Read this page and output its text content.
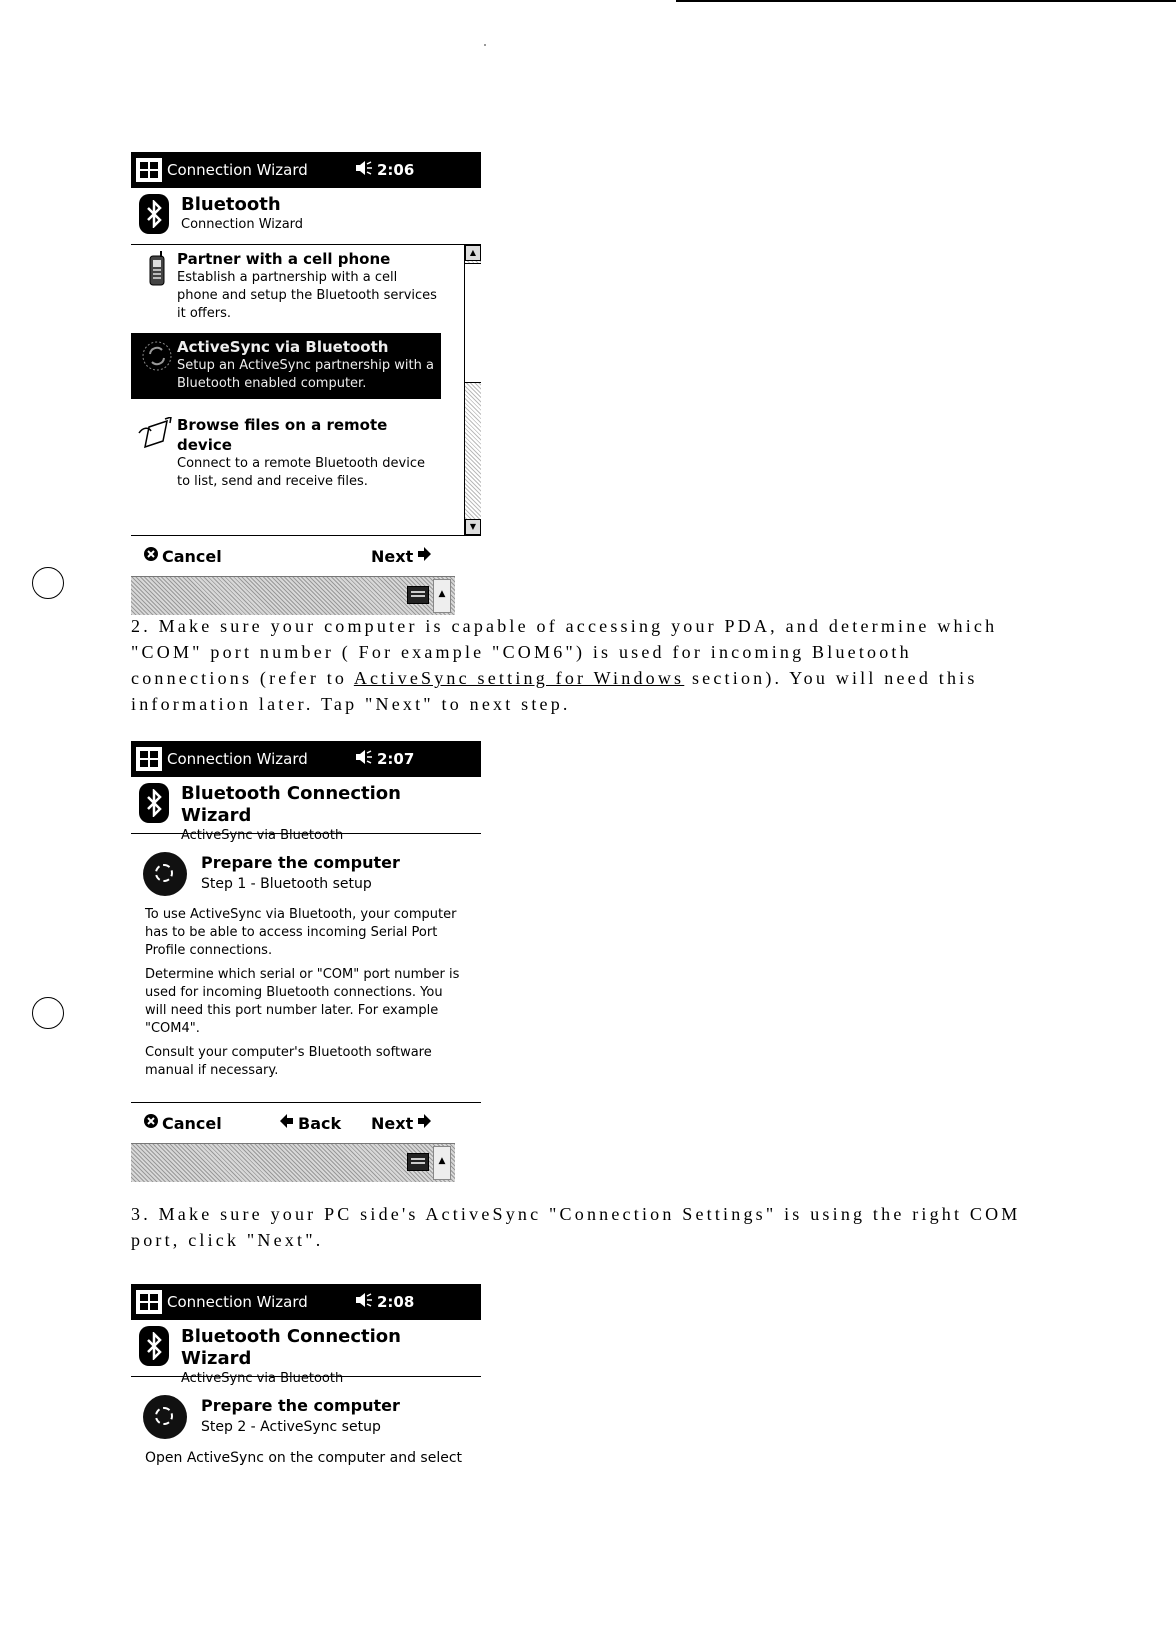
Connection Wizard	2:06
Bluetooth
Connection Wizard
Partner with a cell phone
Establish a partnership with a cell phone and setup the Bluetooth services it offers.
ActiveSync via Bluetooth
Setup an ActiveSync partnership with a Bluetooth enabled computer.
Browse files on a remote device
Connect to a remote Bluetooth device to list, send and receive files.
▲
▼
Cancel	Next
▲
2. Make sure your computer is capable of accessing your PDA, and determine which "COM" port number ( For example "COM6") is used for incoming Bluetooth connections (refer to ActiveSync setting for Windows section). You will need this information later. Tap "Next" to next step.
Connection Wizard	2:07
Bluetooth Connection Wizard
ActiveSync via Bluetooth
Prepare the computer
Step 1 - Bluetooth setup
To use ActiveSync via Bluetooth, your computer has to be able to access incoming Serial Port Profile connections.
Determine which serial or "COM" port number is used for incoming Bluetooth connections. You will need this port number later. For example "COM4".
Consult your computer's Bluetooth software manual if necessary.
Cancel	Back Next
▲
3. Make sure your PC side's ActiveSync "Connection Settings" is using the right COM port, click "Next".
Connection Wizard	2:08
Bluetooth Connection Wizard
ActiveSync via Bluetooth
Prepare the computer
Step 2 - ActiveSync setup
Open ActiveSync on the computer and select
